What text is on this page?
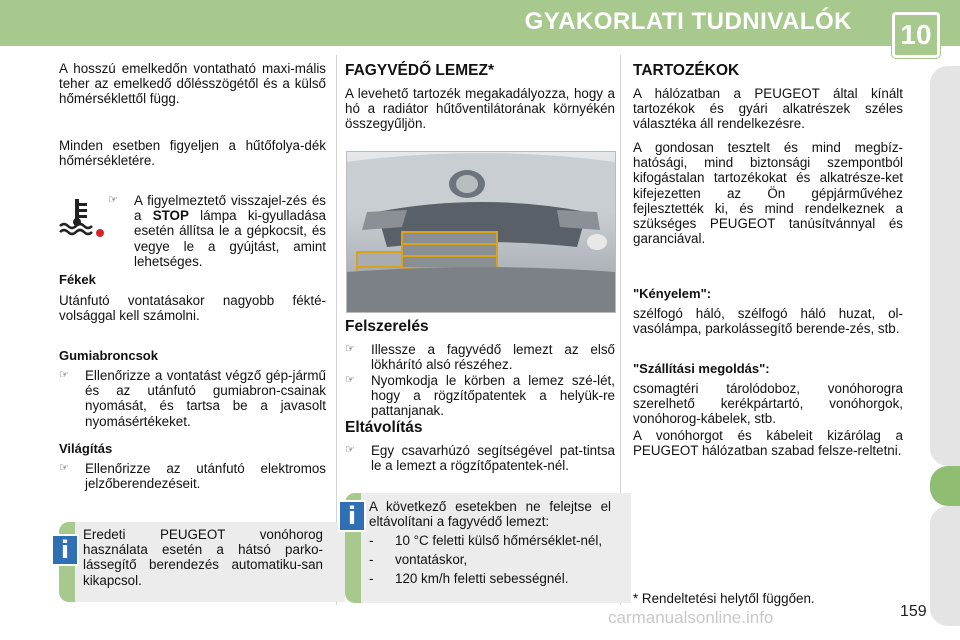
GYAKORLATI TUDNIVALÓK	10

A hosszú emelkedőn vontatható maxi-mális teher az emelkedő dőlésszögétől és a külső hőmérséklettől függ.

Minden esetben figyeljen a hűtőfolya-dék hőmérsékletére.

☞ A figyelmeztető visszajel-zés és a STOP lámpa ki-gyulladása esetén állítsa le a gépkocsit, és vegye le a gyújtást, amint lehetséges.

Fékek

Utánfutó vontatásakor nagyobb fékté-volsággal kell számolni.

Gumiabroncsok

☞ Ellenőrizze a vontatást végző gép-jármű és az utánfutó gumiabron-csainak nyomását, és tartsa be a javasolt nyomásértékeket.

Világítás

☞ Ellenőrizze az utánfutó elektromos jelzőberendezéseit.

Eredeti PEUGEOT vonóhorog használata esetén a hátsó parko-lássegítő berendezés automatiku-san kikapcsol.

i

FAGYVÉDŐ LEMEZ*

A levehető tartozék megakadályozza, hogy a hó a radiátor hűtőventilátorának környékén összegyűljön.

Felszerelés

☞ Illessze a fagyvédő lemezt az első lökhárító alsó részéhez.
☞ Nyomkodja le körben a lemez szé-lét, hogy a rögzítőpatentek a helyük-re pattanjanak.

Eltávolítás

☞ Egy csavarhúzó segítségével pat-tintsa le a lemezt a rögzítőpatentek-nél.

A következő esetekben ne felejtse el eltávolítani a fagyvédő lemezt:

- 10 °C feletti külső hőmérséklet-nél,
- vontatáskor,
- 120 km/h feletti sebességnél.
i

TARTOZÉKOK

A hálózatban a PEUGEOT által kínált tartozékok és gyári alkatrészek széles választéka áll rendelkezésre.

A gondosan tesztelt és mind megbíz-hatósági, mind biztonsági szempontból kifogástalan tartozékokat és alkatrésze-ket kifejezetten az Ön gépjárművéhez fejlesztették ki, és mind rendelkeznek a szükséges PEUGEOT tanúsítvánnyal és garanciával.

"Kényelem":

szélfogó háló, szélfogó háló huzat, ol-vasólámpa, parkolássegítő berende-zés, stb.

"Szállítási megoldás":

csomagtéri tárolódoboz, vonóhorogra szerelhető kerékpártartó, vonóhorgok, vonóhorog-kábelek, stb.

A vonóhorgot és kábeleit kizárólag a PEUGEOT hálózatban szabad felsze-reltetni.

* Rendeltetési helytől függően.

carmanualsonline.info	159
